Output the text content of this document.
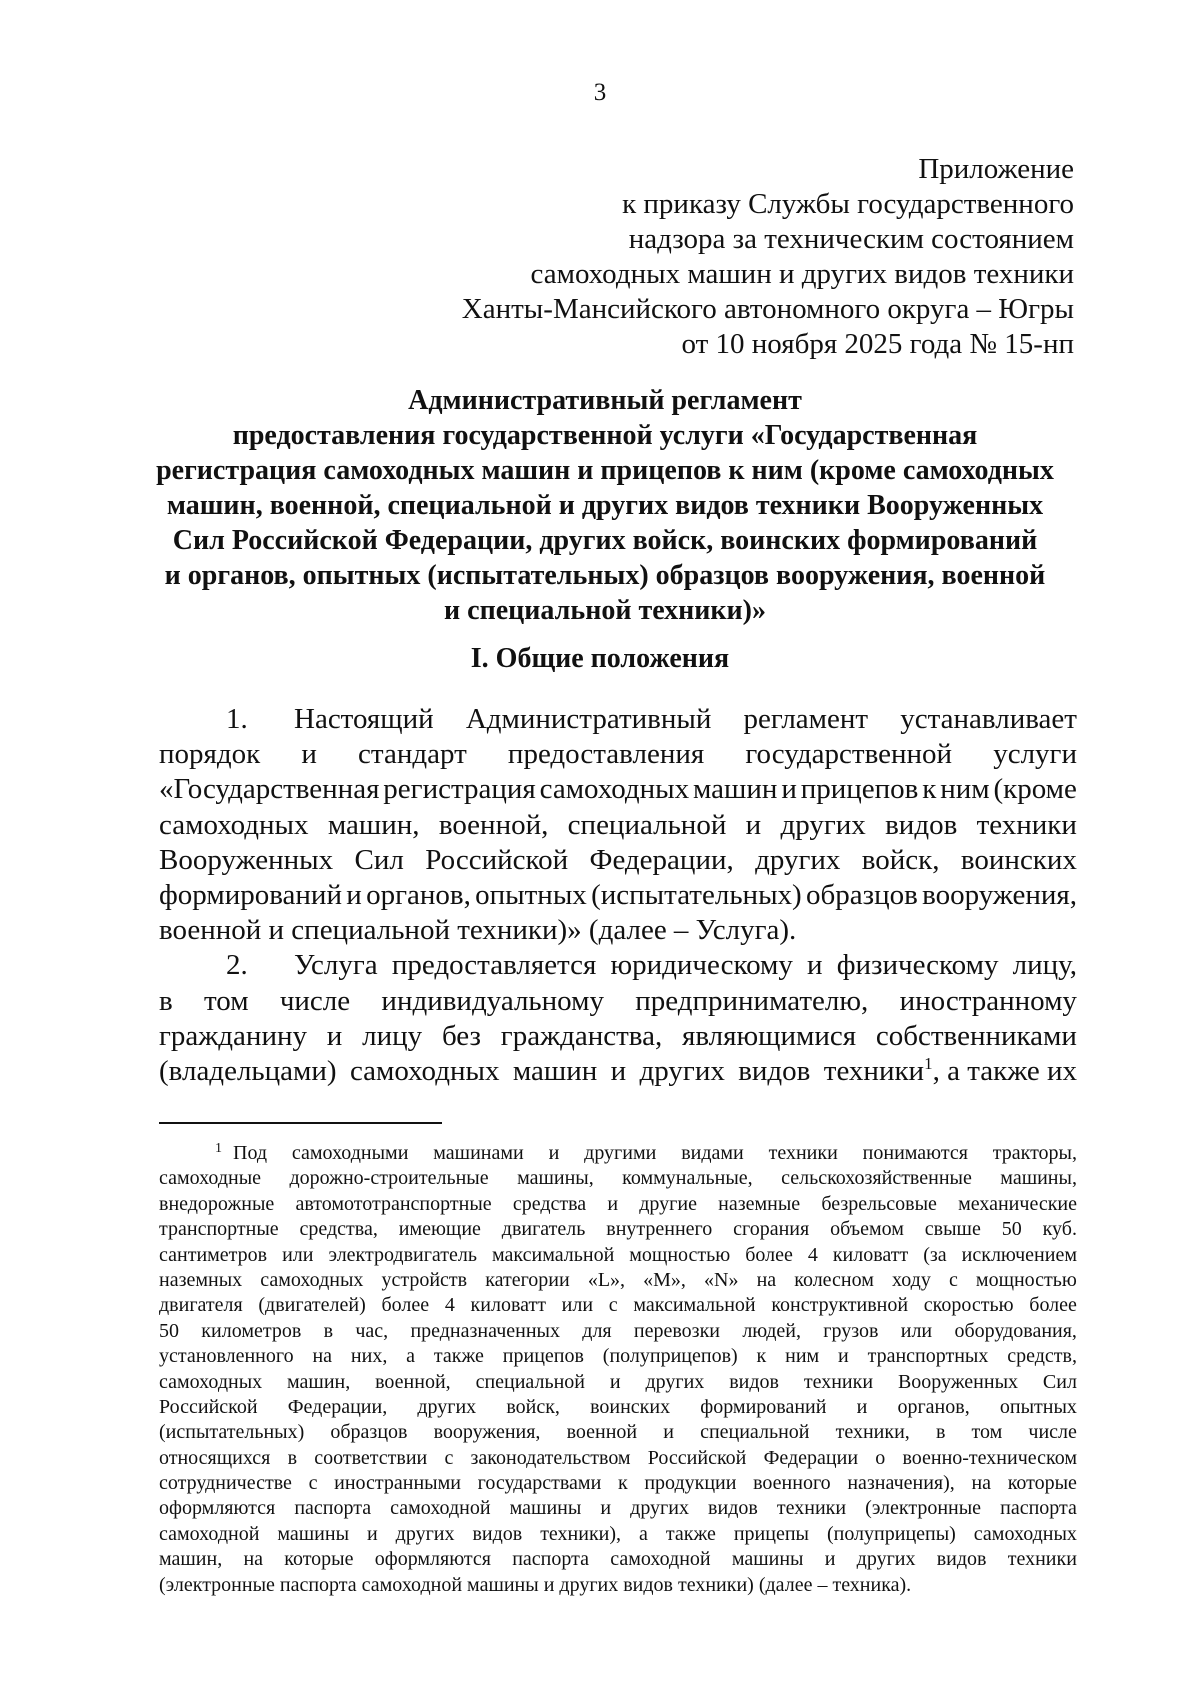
3
Приложение
к приказу Службы государственного
надзора за техническим состоянием
самоходных машин и других видов техники
Ханты-Мансийского автономного округа – Югры
от 10 ноября 2025 года № 15-нп
Административный регламент
предоставления государственной услуги «Государственная
регистрация самоходных машин и прицепов к ним (кроме самоходных
машин, военной, специальной и других видов техники Вооруженных
Сил Российской Федерации, других войск, воинских формирований
и органов, опытных (испытательных) образцов вооружения, военной
и специальной техники)»
I. Общие положения
1. Настоящий Административный регламент устанавливает
порядок и стандарт предоставления государственной услуги
«Государственная регистрация самоходных машин и прицепов к ним (кроме
самоходных машин, военной, специальной и других видов техники
Вооруженных Сил Российской Федерации, других войск, воинских
формирований и органов, опытных (испытательных) образцов вооружения,
военной и специальной техники)» (далее – Услуга).
2.	Услуга предоставляется юридическому и физическому лицу,
в том числе индивидуальному предпринимателю, иностранному
гражданину и лицу без гражданства, являющимися собственниками
(владельцами) самоходных машин и других видов техники$^1$, а также их
$^1$ Под самоходными машинами и другими видами техники понимаются тракторы,
самоходные дорожно-строительные машины, коммунальные, сельскохозяйственные машины,
внедорожные автомототранспортные средства и другие наземные безрельсовые механические
транспортные средства, имеющие двигатель внутреннего сгорания объемом свыше 50 куб.
сантиметров или электродвигатель максимальной мощностью более 4 киловатт (за исключением
наземных самоходных устройств категории «L», «M», «N» на колесном ходу с мощностью
двигателя (двигателей) более 4 киловатт или с максимальной конструктивной скоростью более
50 километров в час, предназначенных для перевозки людей, грузов или оборудования,
установленного на них, а также прицепов (полуприцепов) к ним и транспортных средств,
самоходных машин, военной, специальной и других видов техники Вооруженных Сил
Российской Федерации, других войск, воинских формирований и органов, опытных
(испытательных) образцов вооружения, военной и специальной техники, в том числе
относящихся в соответствии с законодательством Российской Федерации о военно-техническом
сотрудничестве с иностранными государствами к продукции военного назначения), на которые
оформляются паспорта самоходной машины и других видов техники (электронные паспорта
самоходной машины и других видов техники), а также прицепы (полуприцепы) самоходных
машин, на которые оформляются паспорта самоходной машины и других видов техники
(электронные паспорта самоходной машины и других видов техники) (далее – техника).
